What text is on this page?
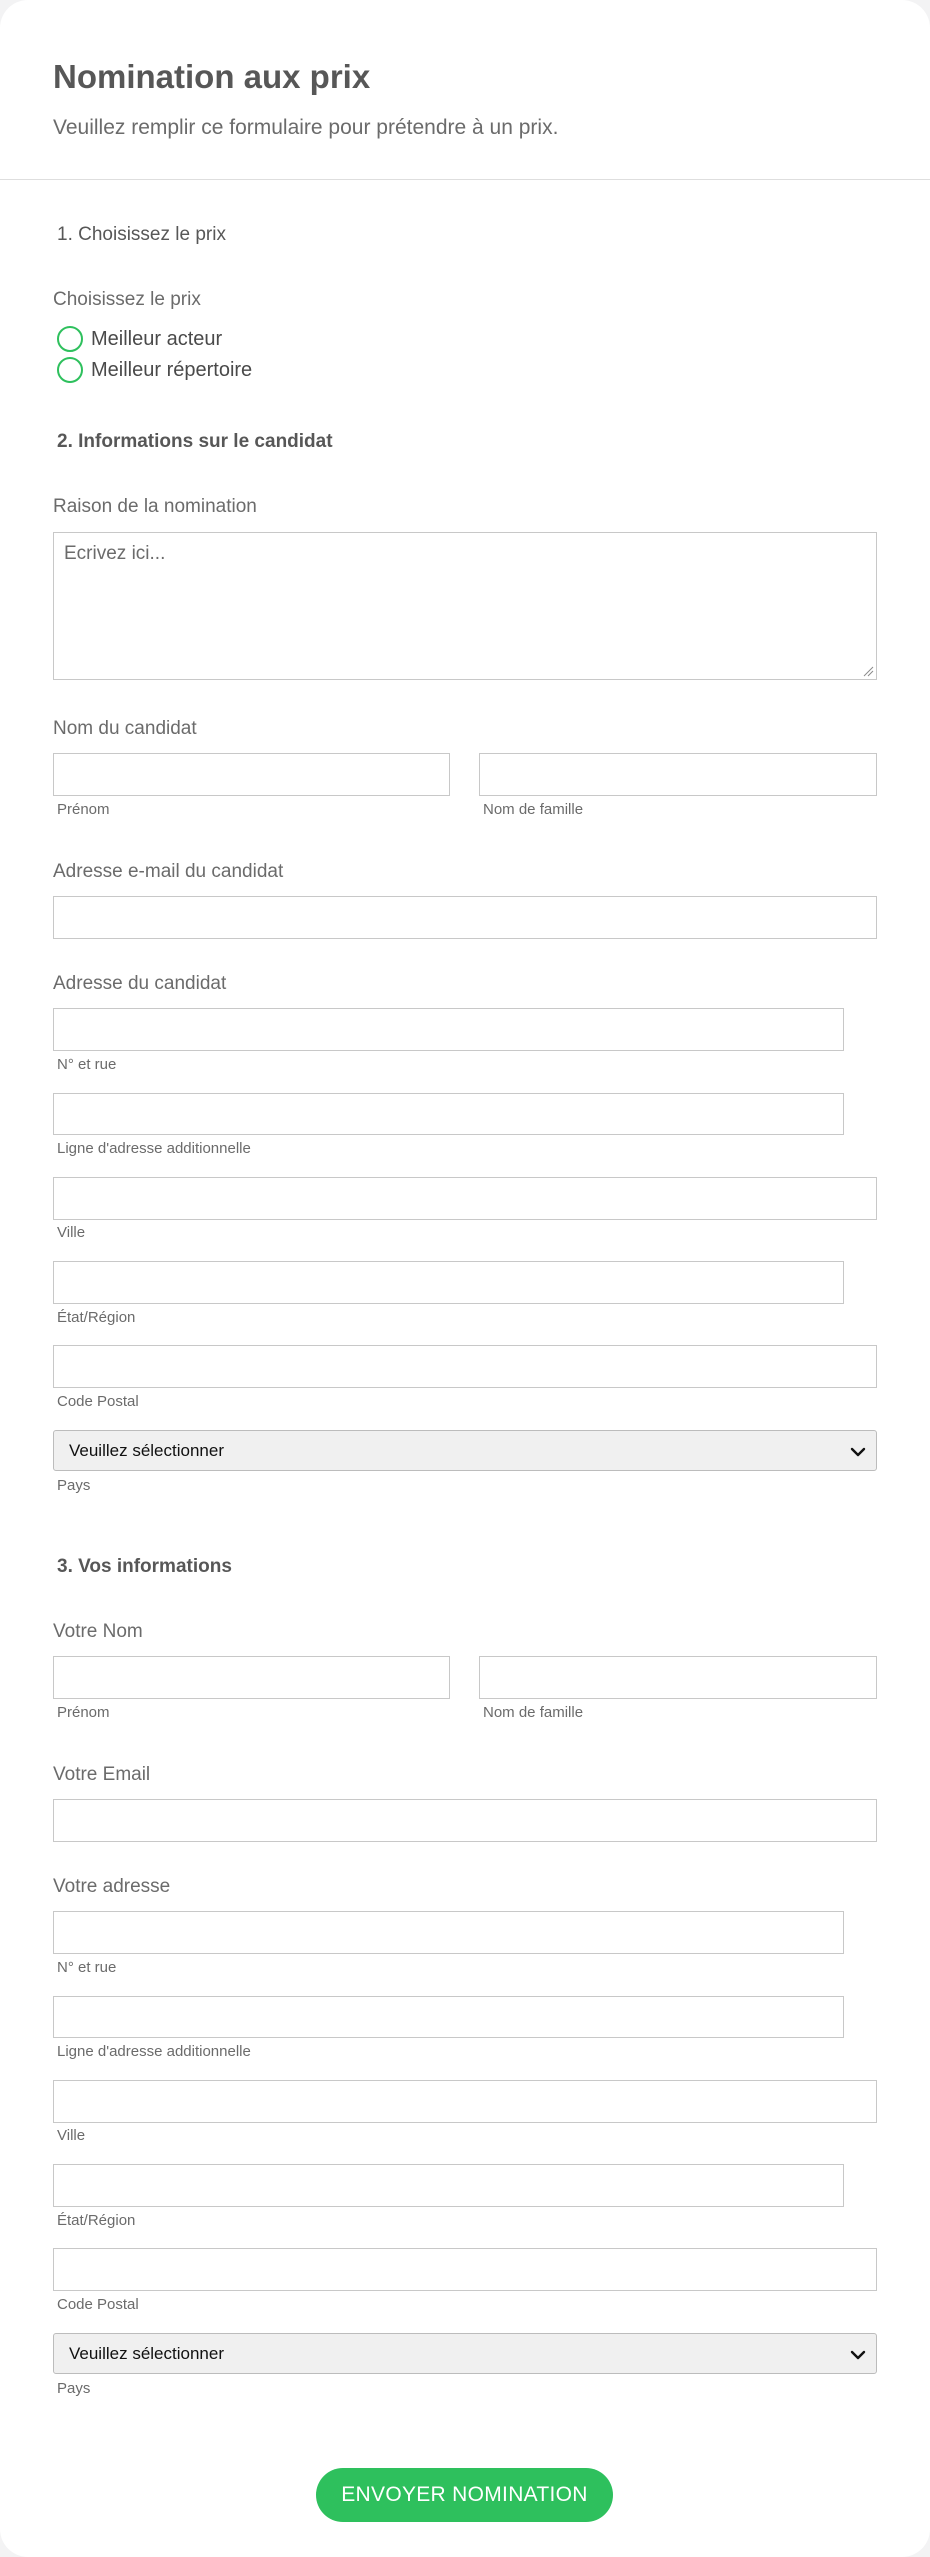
Nomination aux prix
Veuillez remplir ce formulaire pour prétendre à un prix.
1. Choisissez le prix
Choisissez le prix
Meilleur acteur
Meilleur répertoire
2. Informations sur le candidat
Raison de la nomination
Ecrivez ici...
Nom du candidat
Prénom	Nom de famille
Adresse e-mail du candidat
Adresse du candidat
N° et rue
Ligne d'adresse additionnelle
Ville
État/Région
Code Postal
Veuillez sélectionner
Pays
3. Vos informations
Votre Nom
Prénom	Nom de famille
Votre Email
Votre adresse
N° et rue
Ligne d'adresse additionnelle
Ville
État/Région
Code Postal
Veuillez sélectionner
Pays
ENVOYER NOMINATION
